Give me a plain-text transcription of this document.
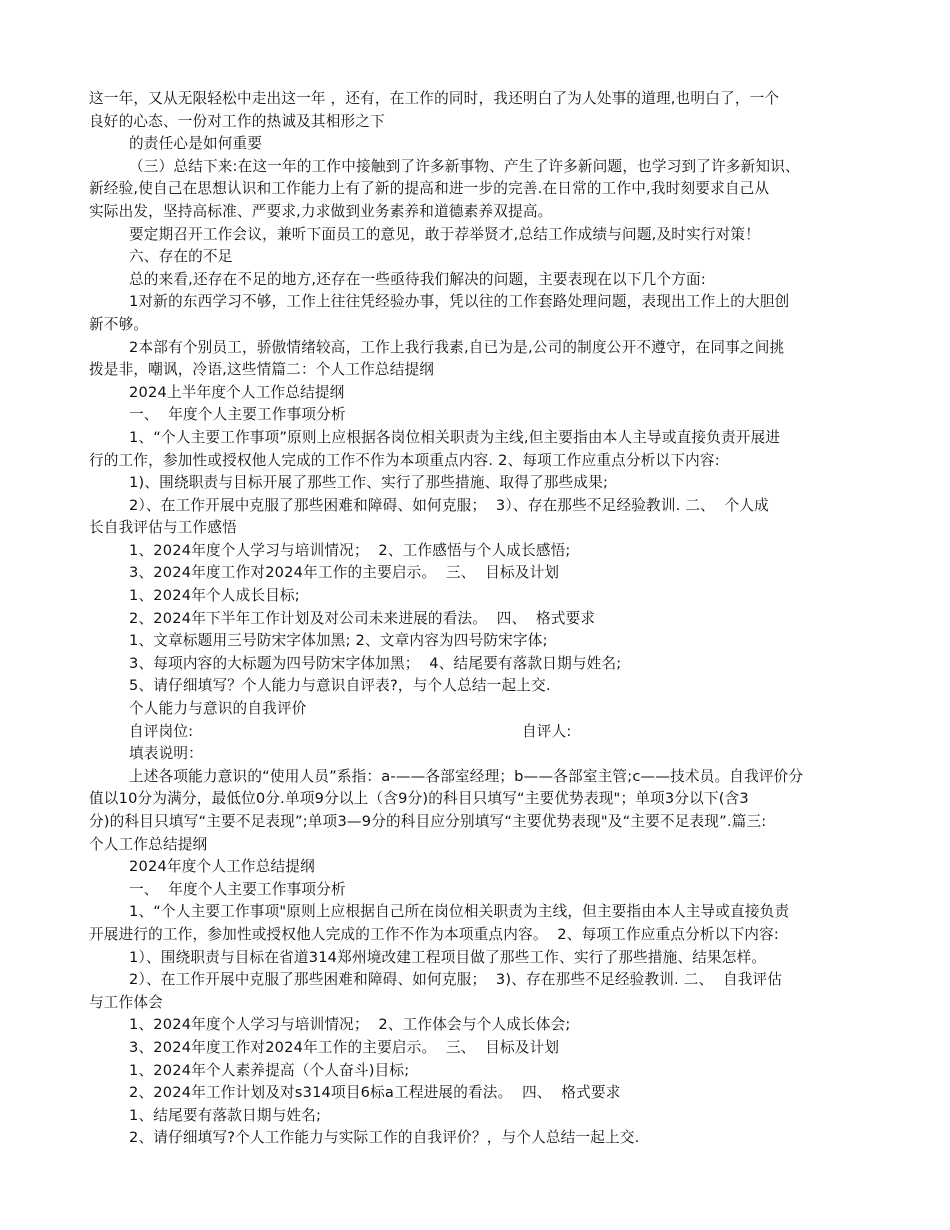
这一年，又从无限轻松中走出这一年 ，还有，在工作的同时，我还明白了为人处事的道理,也明白了，一个

良好的心态、一份对工作的热诚及其相形之下

的责任心是如何重要

（三）总结下来:在这一年的工作中接触到了许多新事物、产生了许多新问题，也学习到了许多新知识、

新经验,使自己在思想认识和工作能力上有了新的提高和进一步的完善.在日常的工作中,我时刻要求自己从

实际出发，坚持高标准、严要求,力求做到业务素养和道德素养双提高。

要定期召开工作会议，兼听下面员工的意见，敢于荐举贤才,总结工作成绩与问题,及时实行对策！

六、存在的不足

总的来看,还存在不足的地方,还存在一些亟待我们解决的问题，主要表现在以下几个方面:

1对新的东西学习不够，工作上往往凭经验办事，凭以往的工作套路处理问题，表现出工作上的大胆创

新不够。

2本部有个别员工，骄傲情绪较高，工作上我行我素,自已为是,公司的制度公开不遵守，在同事之间挑

拨是非，嘲讽，冷语,这些情篇二：个人工作总结提纲

2024上半年度个人工作总结提纲

一、  年度个人主要工作事项分析

1、“个人主要工作事项”原则上应根据各岗位相关职责为主线,但主要指由本人主导或直接负责开展进

行的工作，参加性或授权他人完成的工作不作为本项重点内容. 2、每项工作应重点分析以下内容:

1)、围绕职责与目标开展了那些工作、实行了那些措施、取得了那些成果;

2）、在工作开展中克服了那些困难和障碍、如何克服；  3）、存在那些不足经验教训. 二、  个人成

长自我评估与工作感悟

1、2024年度个人学习与培训情况；  2、工作感悟与个人成长感悟;

3、2024年度工作对2024年工作的主要启示。  三、  目标及计划

1、2024年个人成长目标;

2、2024年下半年工作计划及对公司未来进展的看法。  四、  格式要求

1、文章标题用三号防宋字体加黑; 2、文章内容为四号防宋字体;

3、每项内容的大标题为四号防宋字体加黑；  4、结尾要有落款日期与姓名;

5、请仔细填写？个人能力与意识自评表?，与个人总结一起上交.

个人能力与意识的自我评价

自评岗位:	自评人:

填表说明：

上述各项能力意识的“使用人员”系指：a-——各部室经理；b——各部室主管;c——技术员。自我评价分

值以10分为满分，最低位0分.单项9分以上（含9分)的科目只填写“主要优势表现"；单项3分以下(含3

分)的科目只填写“主要不足表现”;单项3—9分的科目应分别填写“主要优势表现"及“主要不足表现”.篇三:

个人工作总结提纲

2024年度个人工作总结提纲

一、  年度个人主要工作事项分析

1、“个人主要工作事项"原则上应根据自己所在岗位相关职责为主线，但主要指由本人主导或直接负责

开展进行的工作，参加性或授权他人完成的工作不作为本项重点内容。  2、每项工作应重点分析以下内容:

1）、围绕职责与目标在省道314郑州境改建工程项目做了那些工作、实行了那些措施、结果怎样。

2）、在工作开展中克服了那些困难和障碍、如何克服；  3)、存在那些不足经验教训. 二、  自我评估

与工作体会

1、2024年度个人学习与培训情况；  2、工作体会与个人成长体会;

3、2024年度工作对2024年工作的主要启示。  三、  目标及计划

1、2024年个人素养提高（个人奋斗)目标;

2、2024年工作计划及对s314项目6标a工程进展的看法。  四、  格式要求

1、结尾要有落款日期与姓名;

2、请仔细填写?个人工作能力与实际工作的自我评价？，与个人总结一起上交.
